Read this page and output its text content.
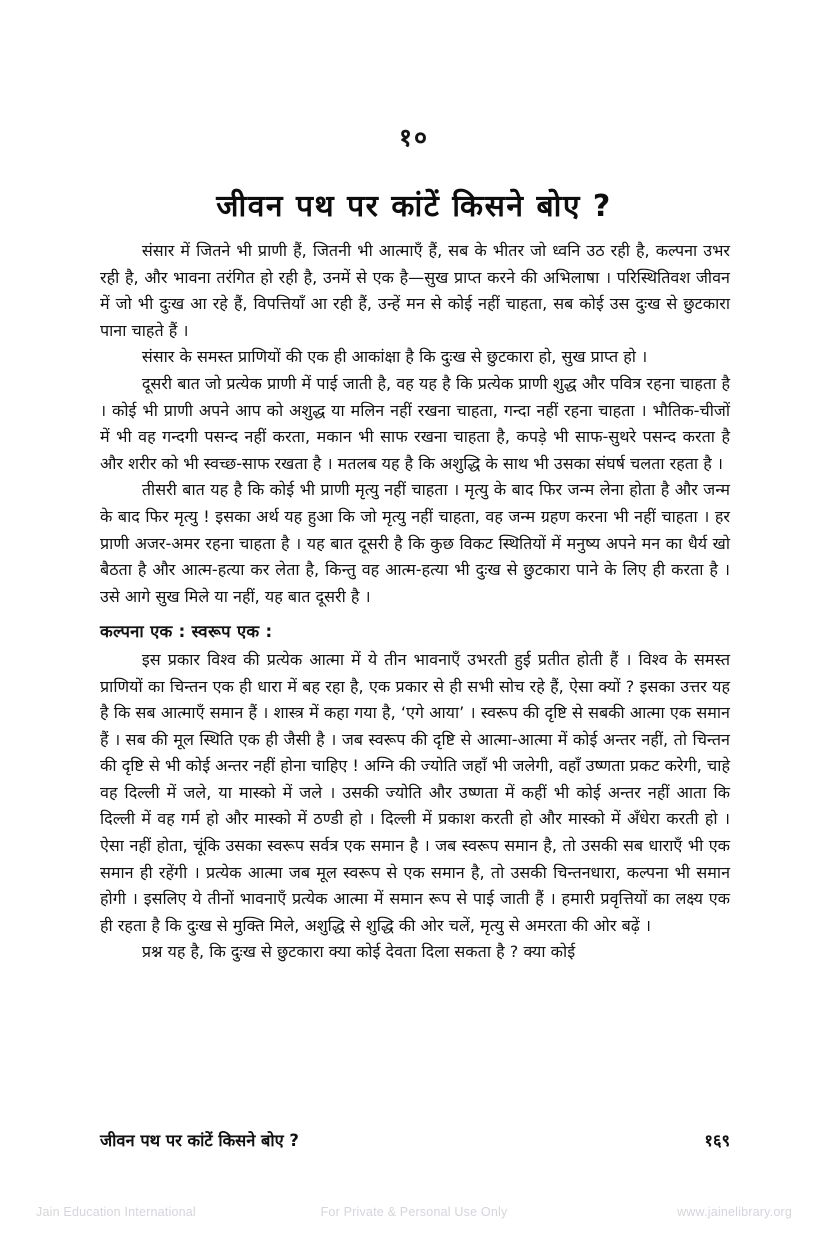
१०
जीवन पथ पर कांटें किसने बोए ?

संसार में जितने भी प्राणी हैं, जितनी भी आत्माएँ हैं, सब के भीतर जो ध्वनि उठ रही है, कल्पना उभर रही है, और भावना तरंगित हो रही है, उनमें से एक है—सुख प्राप्त करने की अभिलाषा । परिस्थितिवश जीवन में जो भी दुःख आ रहे हैं, विपत्तियाँ आ रही हैं, उन्हें मन से कोई नहीं चाहता, सब कोई उस दुःख से छुटकारा पाना चाहते हैं ।

संसार के समस्त प्राणियों की एक ही आकांक्षा है कि दुःख से छुटकारा हो, सुख प्राप्त हो ।

दूसरी बात जो प्रत्येक प्राणी में पाई जाती है, वह यह है कि प्रत्येक प्राणी शुद्ध और पवित्र रहना चाहता है । कोई भी प्राणी अपने आप को अशुद्ध या मलिन नहीं रखना चाहता, गन्दा नहीं रहना चाहता । भौतिक-चीजों में भी वह गन्दगी पसन्द नहीं करता, मकान भी साफ रखना चाहता है, कपड़े भी साफ-सुथरे पसन्द करता है और शरीर को भी स्वच्छ-साफ रखता है । मतलब यह है कि अशुद्धि के साथ भी उसका संघर्ष चलता रहता है ।

तीसरी बात यह है कि कोई भी प्राणी मृत्यु नहीं चाहता । मृत्यु के बाद फिर जन्म लेना होता है और जन्म के बाद फिर मृत्यु ! इसका अर्थ यह हुआ कि जो मृत्यु नहीं चाहता, वह जन्म ग्रहण करना भी नहीं चाहता । हर प्राणी अजर-अमर रहना चाहता है । यह बात दूसरी है कि कुछ विकट स्थितियों में मनुष्य अपने मन का धैर्य खो बैठता है और आत्म-हत्या कर लेता है, किन्तु वह आत्म-हत्या भी दुःख से छुटकारा पाने के लिए ही करता है । उसे आगे सुख मिले या नहीं, यह बात दूसरी है ।

कल्पना एक : स्वरूप एक :

इस प्रकार विश्व की प्रत्येक आत्मा में ये तीन भावनाएँ उभरती हुई प्रतीत होती हैं । विश्व के समस्त प्राणियों का चिन्तन एक ही धारा में बह रहा है, एक प्रकार से ही सभी सोच रहे हैं, ऐसा क्यों ? इसका उत्तर यह है कि सब आत्माएँ समान हैं । शास्त्र में कहा गया है, ‘एगे आया’ । स्वरूप की दृष्टि से सबकी आत्मा एक समान हैं । सब की मूल स्थिति एक ही जैसी है । जब स्वरूप की दृष्टि से आत्मा-आत्मा में कोई अन्तर नहीं, तो चिन्तन की दृष्टि से भी कोई अन्तर नहीं होना चाहिए ! अग्नि की ज्योति जहाँ भी जलेगी, वहाँ उष्णता प्रकट करेगी, चाहे वह दिल्ली में जले, या मास्को में जले । उसकी ज्योति और उष्णता में कहीं भी कोई अन्तर नहीं आता कि दिल्ली में वह गर्म हो और मास्को में ठण्डी हो । दिल्ली में प्रकाश करती हो और मास्को में अँधेरा करती हो । ऐसा नहीं होता, चूंकि उसका स्वरूप सर्वत्र एक समान है । जब स्वरूप समान है, तो उसकी सब धाराएँ भी एक समान ही रहेंगी । प्रत्येक आत्मा जब मूल स्वरूप से एक समान है, तो उसकी चिन्तनधारा, कल्पना भी समान होगी । इसलिए ये तीनों भावनाएँ प्रत्येक आत्मा में समान रूप से पाई जाती हैं । हमारी प्रवृत्तियों का लक्ष्य एक ही रहता है कि दुःख से मुक्ति मिले, अशुद्धि से शुद्धि की ओर चलें, मृत्यु से अमरता की ओर बढ़ें ।

प्रश्न यह है, कि दुःख से छुटकारा क्या कोई देवता दिला सकता है ? क्या कोई

जीवन पथ पर कांटें किसने बोए ?	१६९
Jain Education International	For Private & Personal Use Only	www.jainelibrary.org
